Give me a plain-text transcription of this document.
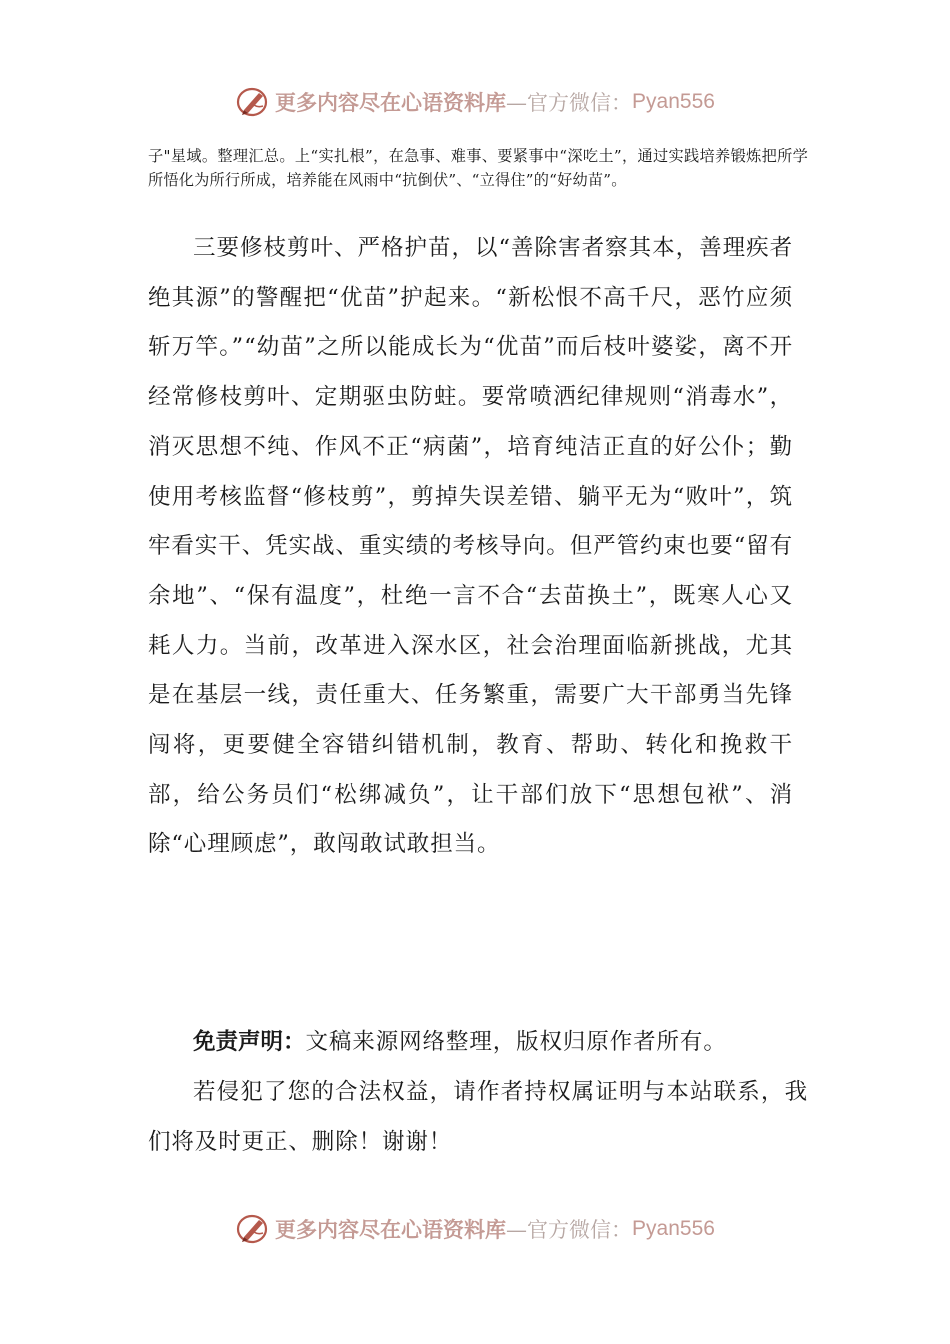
更多内容尽在心语资料库 —官方微信： Pyan556
子"星域。整理汇总。上“实扎根”，在急事、难事、要紧事中“深吃土”，通过实践培养锻炼把所学所悟化为所行所成，培养能在风雨中“抗倒伏”、“立得住”的“好幼苗”。
三要修枝剪叶、严格护苗，以“善除害者察其本，善理疾者绝其源”的警醒把“优苗”护起来。“新松恨不高千尺，恶竹应须斩万竿。”“幼苗”之所以能成长为“优苗”而后枝叶婆娑，离不开经常修枝剪叶、定期驱虫防蛀。要常喷洒纪律规则“消毒水”，消灭思想不纯、作风不正“病菌”，培育纯洁正直的好公仆；勤使用考核监督“修枝剪”，剪掉失误差错、躺平无为“败叶”，筑牢看实干、凭实战、重实绩的考核导向。但严管约束也要“留有余地”、“保有温度”，杜绝一言不合“去苗换土”，既寒人心又耗人力。当前，改革进入深水区，社会治理面临新挑战，尤其是在基层一线，责任重大、任务繁重，需要广大干部勇当先锋闯将，更要健全容错纠错机制，教育、帮助、转化和挽救干部，给公务员们“松绑减负”，让干部们放下“思想包袱”、消除“心理顾虑”，敢闯敢试敢担当。
免责声明：文稿来源网络整理，版权归原作者所有。
若侵犯了您的合法权益，请作者持权属证明与本站联系，我们将及时更正、删除！谢谢！
更多内容尽在心语资料库 —官方微信： Pyan556
